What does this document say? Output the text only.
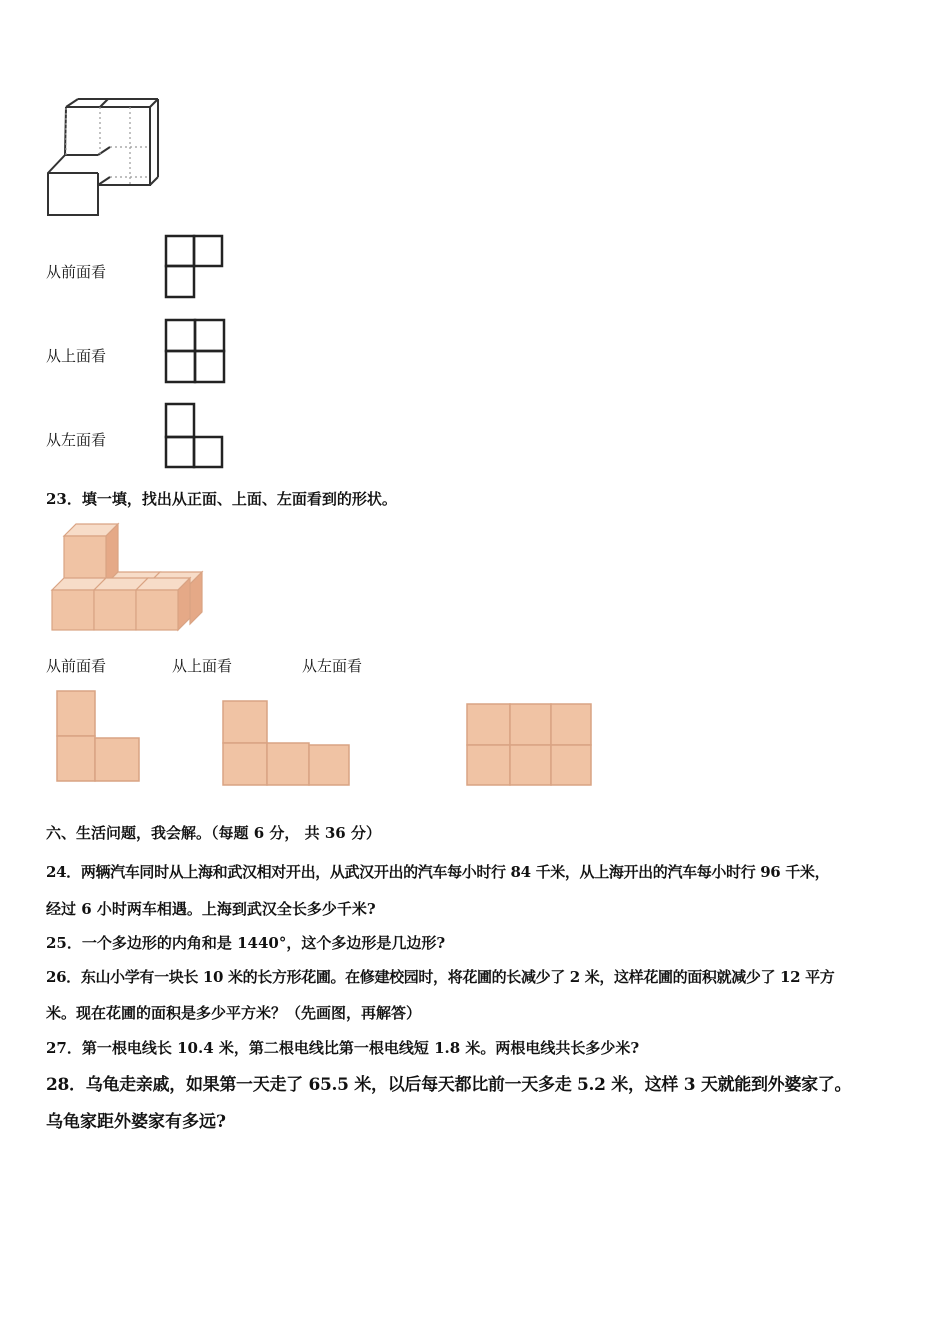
从前面看
从上面看
从左面看
23．填一填，找出从正面、上面、左面看到的形状。
从前面看	从上面看	从左面看
六、生活问题，我会解。（每题 6 分， 共 36 分）
24．两辆汽车同时从上海和武汉相对开出，从武汉开出的汽车每小时行 84 千米，从上海开出的汽车每小时行 96 千米，
经过 6 小时两车相遇。上海到武汉全长多少千米?
25．一个多边形的内角和是 1440°，这个多边形是几边形?
26．东山小学有一块长 10 米的长方形花圃。在修建校园时，将花圃的长减少了 2 米，这样花圃的面积就减少了 12 平方
米。现在花圃的面积是多少平方米？（先画图，再解答）
27．第一根电线长 10.4 米，第二根电线比第一根电线短 1.8 米。两根电线共长多少米?
28．乌龟走亲戚，如果第一天走了 65.5 米，以后每天都比前一天多走 5.2 米，这样 3 天就能到外婆家了。
乌龟家距外婆家有多远?
